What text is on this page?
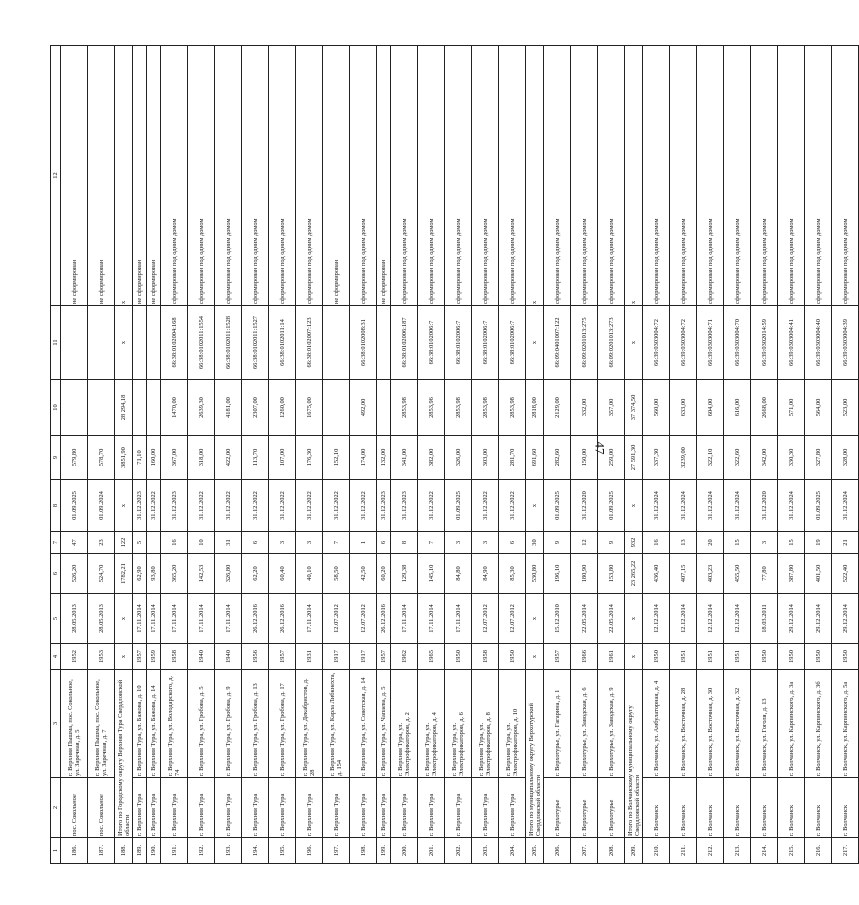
47
1	2	3	4	5	6	7	8	9	10	11	12
186.	пос. Сокольное	г. Верхняя Пышма, пос. Сокольное, ул. Заречная, д. 5	1952	28.05.2013	526,20	47	01.09.2025	579,80			не сформирован
187.	пос. Сокольное	г. Верхняя Пышма, пос. Сокольное, ул. Заречная, д. 7	1953	28.05.2013	524,70	23	01.09.2024	578,70			не сформирован
188.	Итого по Городскому округу Верхняя Тура Свердловской области		x	x	1782,21	122	x	3851,90	28 294,18	x	x
189.	г. Верхняя Тура	г. Верхняя Тура, ул. Бажова, д. 10	1957	17.11.2014	62,90	5	31.12.2023	71,10			не сформирован
190.	г. Верхняя Тура	г. Верхняя Тура, ул. Бажова, д. 14	1959	17.11.2014	93,80		31.12.2022	160,00			не сформирован
191.	г. Верхняя Тура	г. Верхняя Тура, ул. Володарского, д. 74	1958	17.11.2014	365,20	16	31.12.2023	367,00	1470,00	66:38:0102004:168	сформирован под одним домом
192.	г. Верхняя Тура	г. Верхняя Тура, ул. Гробова, д. 5	1940	17.11.2014	142,53	10	31.12.2022	318,00	2639,30	66:38:0102011:1554	сформирован под одним домом
193.	г. Верхняя Тура	г. Верхняя Тура, ул. Гробова, д. 9	1940	17.11.2014	326,80	31	31.12.2022	422,00	4181,00	66:38:0102011:1528	сформирован под одним домом
194.	г. Верхняя Тура	г. Верхняя Тура, ул. Гробова, д. 13	1956	26.12.2016	62,20	6	31.12.2022	113,70	2307,00	66:38:0102011:1527	сформирован под одним домом
195.	г. Верхняя Тура	г. Верхняя Тура, ул. Гробова, д. 17	1957	26.12.2016	60,40	3	31.12.2022	107,00	1260,00	66:38:0102011:14	сформирован под одним домом
196.	г. Верхняя Тура	г. Верхняя Тура, ул. Декабристов, д. 28	1931	17.11.2014	40,10	3	31.12.2022	176,30	1675,00	66:38:0102007:123	сформирован под одним домом
197.	г. Верхняя Тура	г. Верхняя Тура, ул. Карла Либкнехта, д. 154	1917	12.07.2012	58,50	7	31.12.2022	152,10			не сформирован
198.	г. Верхняя Тура	г. Верхняя Тура, ул. Советская, д. 14	1917	12.07.2012	42,50	1	31.12.2022	174,00	492,00	66:38:0102008:31	сформирован под одним домом
199.	г. Верхняя Тура	г. Верхняя Тура, ул. Чапаева, д. 5	1957	26.12.2016	60,20	6	31.12.2023	132,00			не сформирован
200.	г. Верхняя Тура	г. Верхняя Тура, ул. Электрофикаторов, д. 2	1962	17.11.2014	129,38	8	31.12.2023	341,00	2853,98	66:38:0102006:187	сформирован под одним домом
201.	г. Верхняя Тура	г. Верхняя Тура, ул. Электрофикаторов, д. 4	1965	17.11.2014	145,10	7	31.12.2022	382,00	2853,96	66:38:0102006:7	сформирован под одним домом
202.	г. Верхняя Тура	г. Верхняя Тура, ул. Электрофикаторов, д. 6	1950	17.11.2014	84,80	3	01.09.2025	326,00	2853,98	66:38:0102006:7	сформирован под одним домом
203.	г. Верхняя Тура	г. Верхняя Тура, ул. Электрофикаторов, д. 8	1958	12.07.2012	84,90	3	31.12.2022	303,00	2853,98	66:38:0102006:7	сформирован под одним домом
204.	г. Верхняя Тура	г. Верхняя Тура, ул. Электрофикаторов, д. 10	1950	12.07.2012	85,30	6	31.12.2022	281,70	2853,98	66:38:0102006:7	сформирован под одним домом
205.	Итого по муниципальному округу Верхотурский Свердловской области		x	x	530,80	30	x	691,60	2818,00	x	x
206.	г. Верхотурье	г. Верхотурье, ул. Гагарина, д. 1	1957	15.12.2010	196,10	9	01.09.2025	282,60	2129,00	66:09:0401007:122	сформирован под одним домом
207.	г. Верхотурье	г. Верхотурье, ул. Заводская, д. 6	1966	22.05.2014	180,90	12	31.12.2020	150,00	332,00	66:09:0201013:275	сформирован под одним домом
208.	г. Верхотурье	г. Верхотурье, ул. Заводская, д. 9	1961	22.05.2014	153,80	9	01.09.2025	259,00	357,00	66:09:0201013:273	сформирован под одним домом
209.	Итого по Волчанскому муниципальному округу Свердловской области		x	x	23 265,22	932	x	27 591,30	37 374,50	x	x
210.	г. Волчанск	г. Волчанск, ул. Амбулаторная, д. 4	1950	12.12.2014	436,40	16	31.12.2024	337,30	560,00	66:39:0303004:72	сформирован под одним домом
211.	г. Волчанск	г. Волчанск, ул. Восточная, д. 28	1951	12.12.2014	407,15	13	31.12.2024	3239,00	633,00	66:39:0303004:72	сформирован под одним домом
212.	г. Волчанск	г. Волчанск, ул. Восточная, д. 30	1951	12.12.2014	403,23	20	31.12.2024	322,10	604,00	66:39:0303004:71	сформирован под одним домом
213.	г. Волчанск	г. Волчанск, ул. Восточная, д. 32	1951	12.12.2014	455,50	15	31.12.2024	322,60	616,00	66:39:0303004:70	сформирован под одним домом
214.	г. Волчанск	г. Волчанск, ул. Гоголя, д. 13	1950	18.03.2011	77,80	3	31.12.2020	342,00	2668,00	66:39:0302014:59	сформирован под одним домом
215.	г. Волчанск	г. Волчанск, ул. Карпинского, д. 3а	1950	29.12.2014	387,80	15	31.12.2024	330,30	571,00	66:39:0303004:41	сформирован под одним домом
216.	г. Волчанск	г. Волчанск, ул. Карпинского, д. 3б	1950	29.12.2014	401,50	19	01.09.2025	327,80	564,00	66:39:0303004:40	сформирован под одним домом
217.	г. Волчанск	г. Волчанск, ул. Карпинского, д. 5а	1950	29.12.2014	522,40	21	31.12.2024	328,00	523,00	66:39:0303004:39	сформирован под одним домом
